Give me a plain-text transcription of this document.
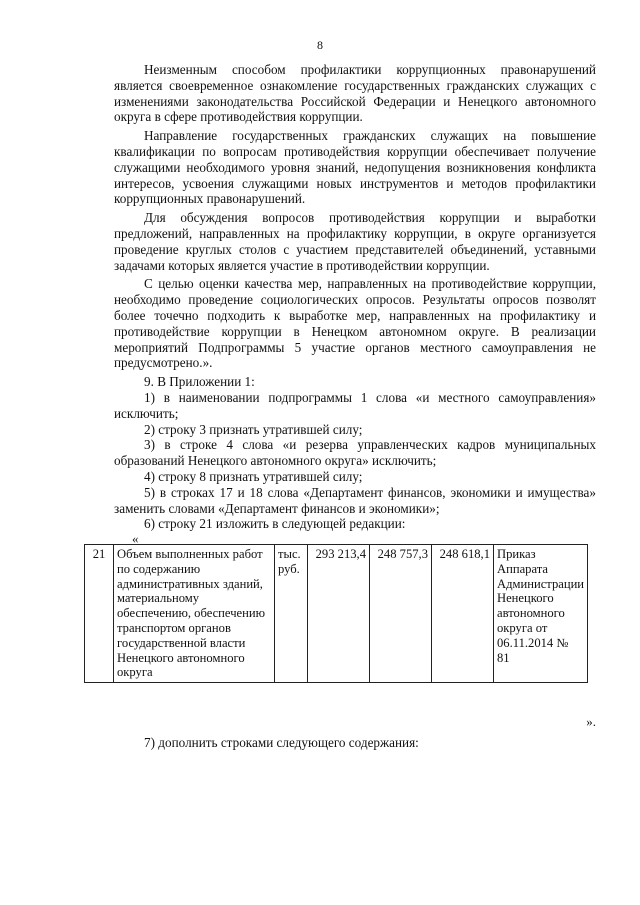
8

Неизменным способом профилактики коррупционных правонарушений является своевременное ознакомление государственных гражданских служащих с изменениями законодательства Российской Федерации и Ненецкого автономного округа в сфере противодействия коррупции.

Направление государственных гражданских служащих на повышение квалификации по вопросам противодействия коррупции обеспечивает получение служащими необходимого уровня знаний, недопущения возникновения конфликта интересов, усвоения служащими новых инструментов и методов профилактики коррупционных правонарушений.

Для обсуждения вопросов противодействия коррупции и выработки предложений, направленных на профилактику коррупции, в округе организуется проведение круглых столов с участием представителей объединений, уставными задачами которых является участие в противодействии коррупции.

С целью оценки качества мер, направленных на противодействие коррупции, необходимо проведение социологических опросов. Результаты опросов позволят более точечно подходить к выработке мер, направленных на профилактику и противодействие коррупции в Ненецком автономном округе. В реализации мероприятий Подпрограммы 5 участие органов местного самоуправления не предусмотрено.».

9. В Приложении 1:

1) в наименовании подпрограммы 1 слова «и местного самоуправления» исключить;

2) строку 3 признать утратившей силу;

3) в строке 4 слова «и резерва управленческих кадров муниципальных образований Ненецкого автономного округа» исключить;

4) строку 8 признать утратившей силу;

5) в строках 17 и 18 слова «Департамент финансов, экономики и имущества» заменить словами «Департамент финансов и экономики»;

6) строку 21 изложить в следующей редакции:

«
21	Объем выполненных работ по содержанию административных зданий, материальному обеспечению, обеспечению транспортом органов государственной власти Ненецкого автономного округа	тыс. руб.	293 213,4	248 757,3	248 618,1	Приказ Аппарата Администрации Ненецкого автономного округа от 06.11.2014 № 81
».
7) дополнить строками следующего содержания:
